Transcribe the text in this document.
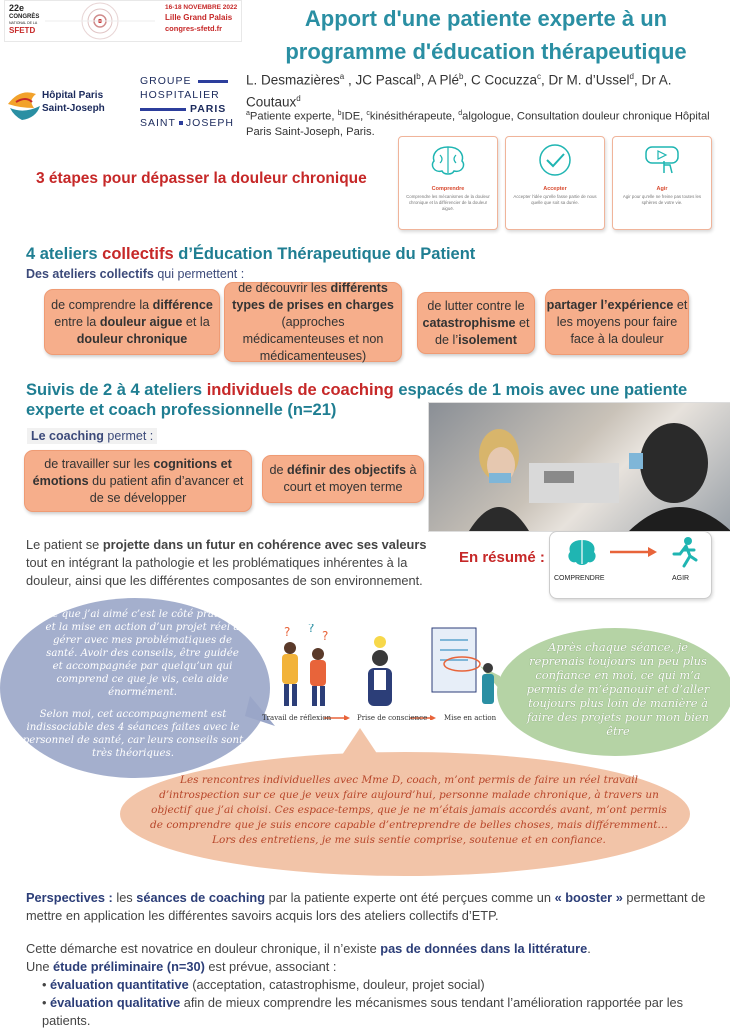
22e
CONGRÈS
NATIONAL DE LA
SFETD
16-18 NOVEMBRE 2022
Lille Grand Palais
congres-sfetd.fr	Apport d'une patiente experte à un
programme d'éducation thérapeutique
L. Desmazières$^a$ , JC Pascal$^b$, A Plé$^b$, C Cocuzza$^c$, Dr M. d’Ussel$^d$, Dr A. Coutaux$^d$
$^a$Patiente experte, $^b$IDE, $^c$kinésithérapeute, $^d$algologue, Consultation douleur chronique Hôpital Paris Saint-Joseph, Paris.
Hôpital Paris
Saint-Joseph
GROUPE
HOSPITALIER
PARIS
SAINT JOSEPH
3 étapes pour dépasser la douleur chronique
Comprendre
Comprendre les mécanismes de la douleur chronique et la différencier de la douleur aiguë.
Accepter
Accepter l'idée qu'elle fasse partie de nous quelle que soit sa durée.
Agir
Agir pour qu'elle ne freine pas toutes les sphères de votre vie.
4 ateliers collectifs d’Éducation Thérapeutique du Patient
Des ateliers collectifs qui permettent :
de comprendre la différence entre la douleur aigue et la douleur chronique
de découvrir les différents types de prises en charges (approches médicamenteuses et non médicamenteuses)
de lutter contre le catastrophisme et de l’isolement
partager l’expérience et les moyens pour faire face à la douleur
Suivis de 2 à 4 ateliers individuels de coaching espacés de 1 mois avec une patiente experte et coach professionnelle (n=21)
Le coaching permet :
de travailler sur les cognitions et émotions du patient afin d’avancer et de se développer
de définir des objectifs à court et moyen terme
Le patient se projette dans un futur en cohérence avec ses valeurs tout en intégrant la pathologie et les problématiques inhérentes à la douleur, ainsi que les différentes composantes de son environnement.
En résumé :
COMPRENDRE	AGIR
Ce que j’ai aimé c’est le côté pratique et la mise en action d’un projet réel à gérer avec mes problématiques de santé. Avoir des conseils, être guidée et accompagnée par quelqu’un qui comprend ce que je vis, cela aide énormément.
Selon moi, cet accompagnement est indissociable des 4 séances faites avec le personnel de santé, car leurs conseils sont très théoriques.
Après chaque séance, je reprenais toujours un peu plus confiance en moi, ce qui m’a permis de m’épanouir et d’aller toujours plus loin de manière à faire des projets pour mon bien être
Les rencontres individuelles avec Mme D, coach, m’ont permis de faire un réel travail d’introspection sur ce que je veux faire aujourd’hui, personne malade chronique, à travers un objectif que j’ai choisi. Ces espace-temps, que je ne m’étais jamais accordés avant, m’ont permis de comprendre que je suis encore capable d’entreprendre de belles choses, mais différemment… Lors des entretiens, je me suis sentie comprise, soutenue et en confiance.
? ?
?
Travail de réflexion	Prise de conscience Mise en action
Perspectives : les séances de coaching par la patiente experte ont été perçues comme un « booster » permettant de mettre en application les différentes savoirs acquis lors des ateliers collectifs d’ETP.
Cette démarche est novatrice en douleur chronique, il n’existe pas de données dans la littérature.
Une étude préliminaire (n=30) est prévue, associant :
• évaluation quantitative (acceptation, catastrophisme, douleur, projet social)
• évaluation qualitative afin de mieux comprendre les mécanismes sous tendant l’amélioration rapportée par les patients.
